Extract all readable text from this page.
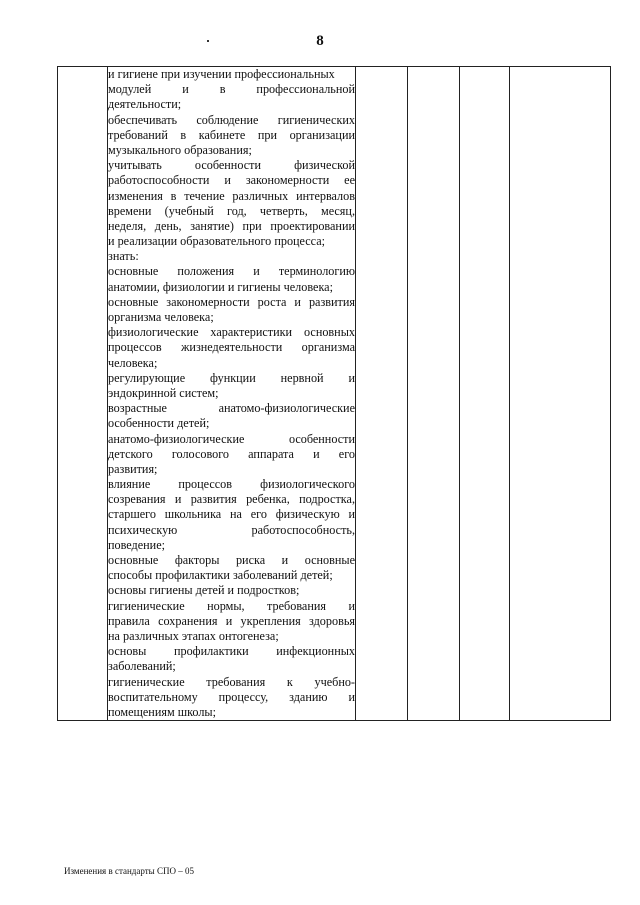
8

и гигиене при изучении профессиональных
модулей и в профессиональной
деятельности;
обеспечивать соблюдение гигиенических
требований в кабинете при организации
музыкального образования;
учитывать особенности физической
работоспособности и закономерности ее
изменения в течение различных интервалов
времени (учебный год, четверть, месяц,
неделя, день, занятие) при проектировании
и реализации образовательного процесса;
знать:
основные положения и терминологию
анатомии, физиологии и гигиены человека;
основные закономерности роста и развития
организма человека;
физиологические характеристики основных
процессов жизнедеятельности организма
человека;
регулирующие функции нервной и
эндокринной систем;
возрастные анатомо-физиологические
особенности детей;
анатомо-физиологические особенности
детского голосового аппарата и его
развития;
влияние процессов физиологического
созревания и развития ребенка, подростка,
старшего школьника на его физическую и
психическую работоспособность,
поведение;
основные факторы риска и основные
способы профилактики заболеваний детей;
основы гигиены детей и подростков;
гигиенические нормы, требования и
правила сохранения и укрепления здоровья
на различных этапах онтогенеза;
основы профилактики инфекционных
заболеваний;
гигиенические требования к учебно-
воспитательному процессу, зданию и
помещениям школы;

Изменения в стандарты СПО – 05
